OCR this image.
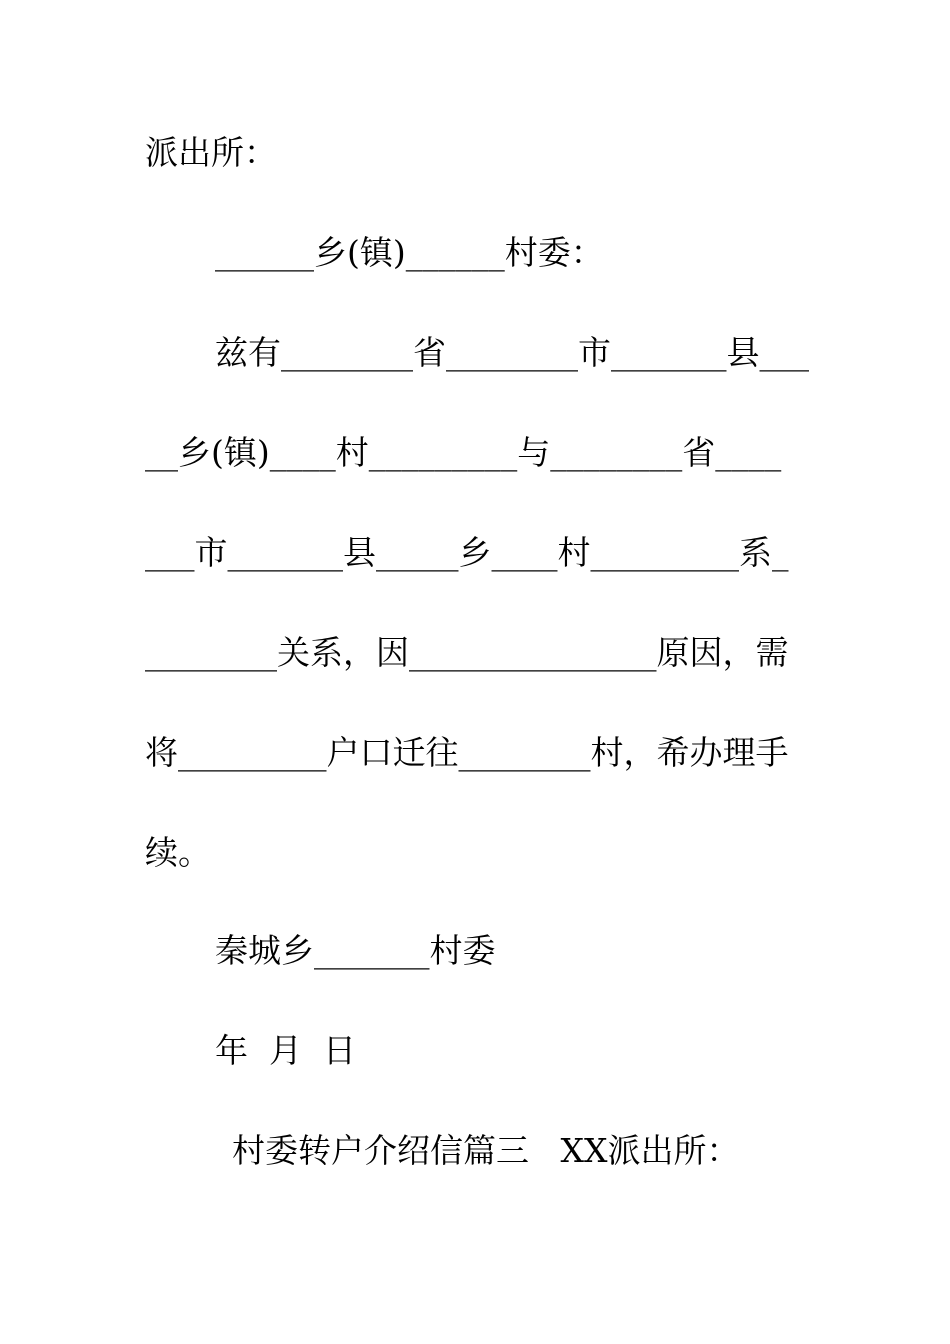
派出所：
______乡(镇)______村委：
兹有________省________市_______县___
__乡(镇)____村_________与________省____
___市_______县_____乡____村_________系_
________关系，因_______________原因，需
将_________户口迁往________村，希办理手
续。
秦城乡_______村委
年  月  日
村委转户介绍信篇三   XX派出所：
